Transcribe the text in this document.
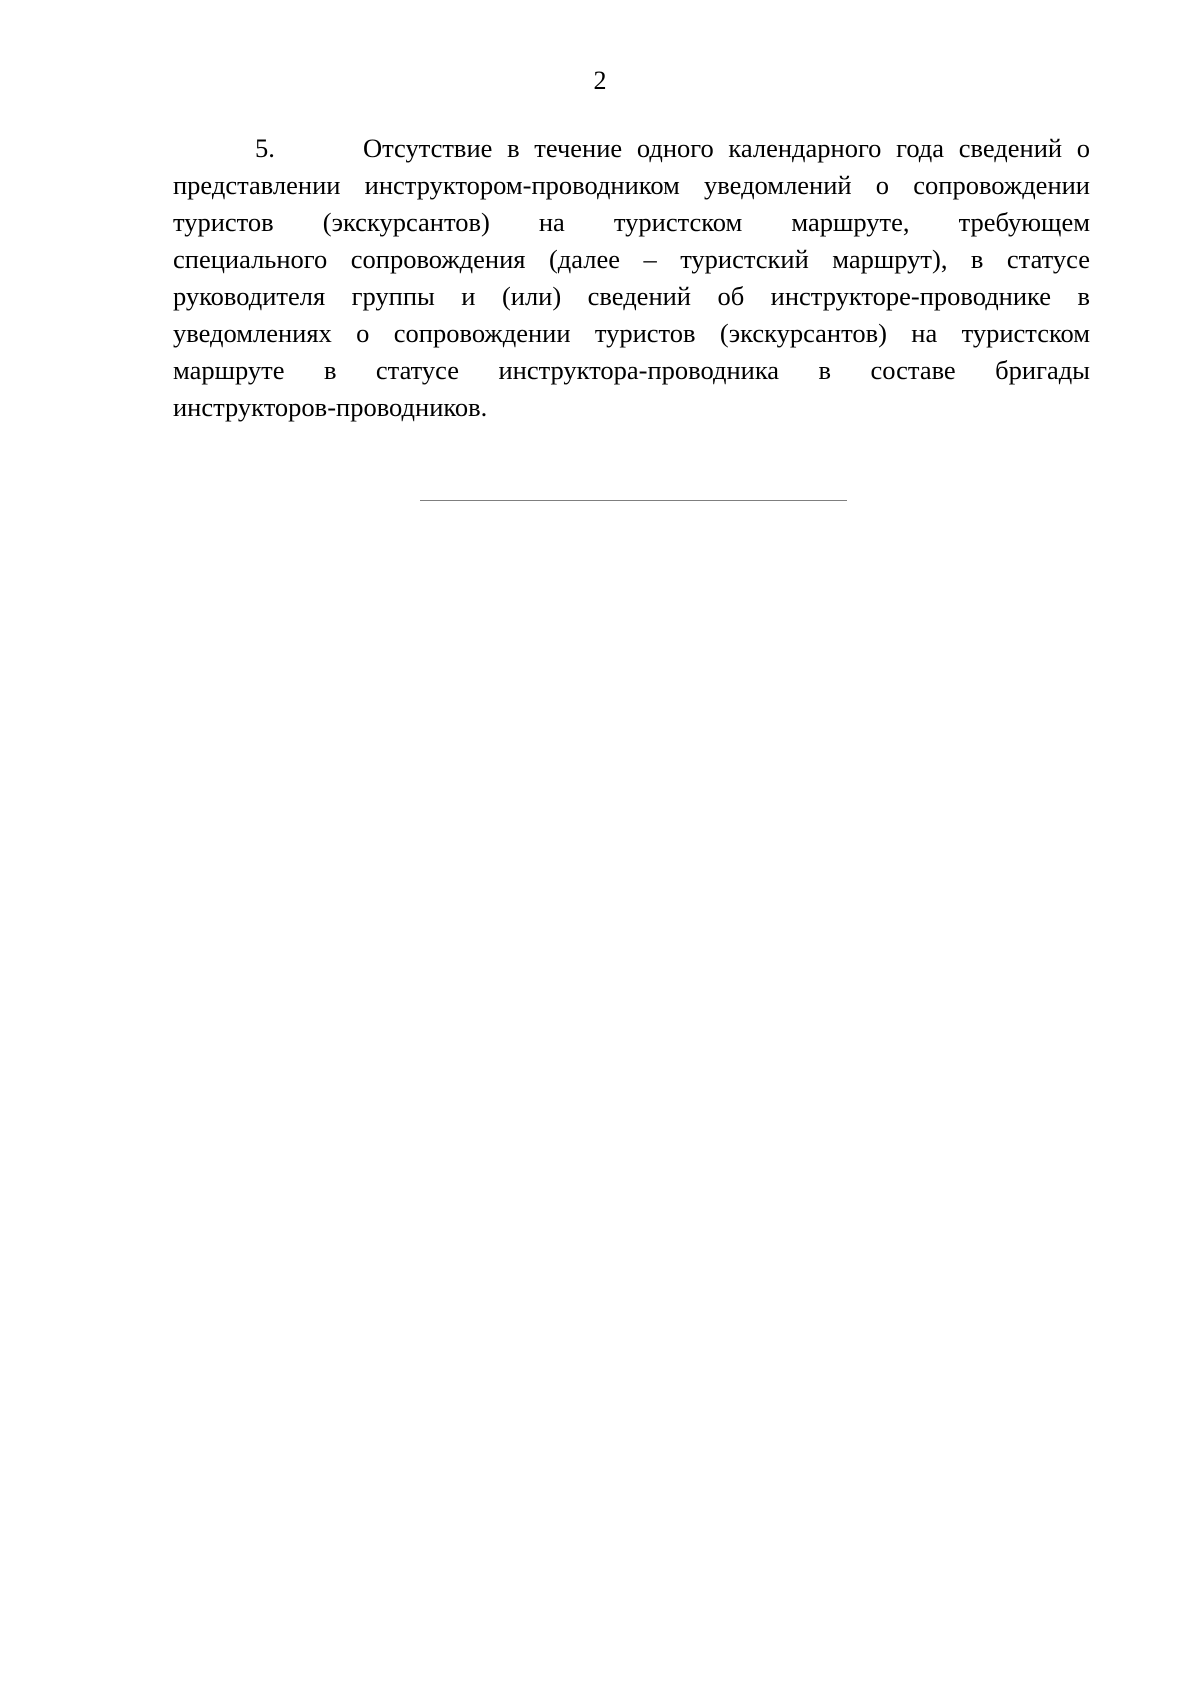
2
5.      Отсутствие в течение одного календарного года сведений о
представлении инструктором-проводником уведомлений о сопровождении
туристов (экскурсантов) на туристском маршруте, требующем
специального сопровождения (далее – туристский маршрут), в статусе
руководителя группы и (или) сведений об инструкторе-проводнике в
уведомлениях о сопровождении туристов (экскурсантов) на туристском
маршруте в статусе инструктора-проводника в составе бригады
инструкторов-проводников.
